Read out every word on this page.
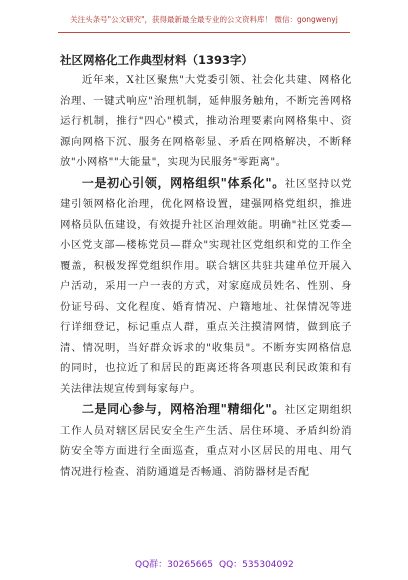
关注头条号"公文研究"，获得最新最全最专业的公文资料库！ 微信：gongwenyj
社区网格化工作典型材料（1393字）

近年来，X社区聚焦"大党委引领、社会化共建、网格化治理、一键式响应"治理机制，延伸服务触角，不断完善网格运行机制，推行"四心"模式，推动治理要素向网格集中、资源向网格下沉、服务在网格彰显、矛盾在网格解决，不断释放"小网格""大能量"，实现为民服务"零距离"。

一是初心引领，网格组织"体系化"。社区坚持以党建引领网格化治理，优化网格设置，建强网格党组织，推进网格员队伍建设，有效提升社区治理效能。明确"社区党委—小区党支部—楼栋党员—群众"实现社区党组织和党的工作全覆盖，积极发挥党组织作用。联合辖区共驻共建单位开展入户活动，采用一户一表的方式，对家庭成员姓名、性别、身份证号码、文化程度、婚育情况、户籍地址、社保情况等进行详细登记，标记重点人群，重点关注摸清网情，做到底子清、情况明，当好群众诉求的"收集员"。不断夯实网格信息的同时，也拉近了和居民的距离还将各项惠民利民政策和有关法律法规宣传到每家每户。

二是同心参与，网格治理"精细化"。社区定期组织工作人员对辖区居民安全生产生活、居住环境、矛盾纠纷消防安全等方面进行全面巡查，重点对小区居民的用电、用气情况进行检查、消防通道是否畅通、消防器材是否配

QQ群：30265665 QQ：535304092
